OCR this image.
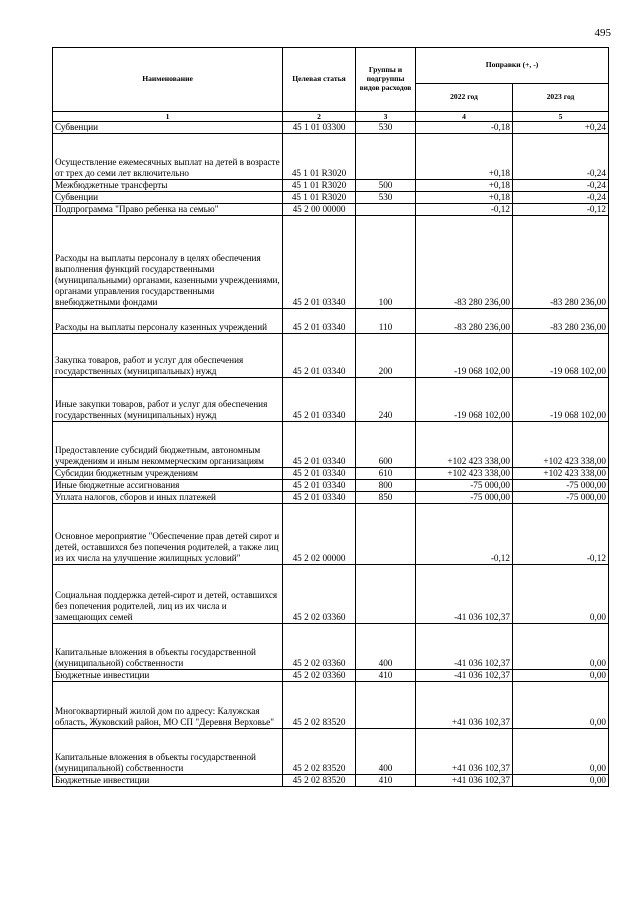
495
Наименование	Целевая статья	Группы и подгруппы видов расходов	Поправки (+, -)	
			2022 год	2023 год
1	2	3	4	5
Субвенции	45 1 01 03300	530	-0,18	+0,24
Осуществление ежемесячных выплат на детей в возрасте от трех до семи лет включительно	45 1 01 R3020		+0,18	-0,24
Межбюджетные трансферты	45 1 01 R3020	500	+0,18	-0,24
Субвенции	45 1 01 R3020	530	+0,18	-0,24
Подпрограмма "Право ребенка на семью"	45 2 00 00000		-0,12	-0,12
Расходы на выплаты персоналу в целях обеспечения выполнения функций государственными (муниципальными) органами, казенными учреждениями, органами управления государственными внебюджетными фондами	45 2 01 03340	100	-83 280 236,00	-83 280 236,00
Расходы на выплаты персоналу казенных учреждений	45 2 01 03340	110	-83 280 236,00	-83 280 236,00
Закупка товаров, работ и услуг для обеспечения государственных (муниципальных) нужд	45 2 01 03340	200	-19 068 102,00	-19 068 102,00
Иные закупки товаров, работ и услуг для обеспечения государственных (муниципальных) нужд	45 2 01 03340	240	-19 068 102,00	-19 068 102,00
Предоставление субсидий бюджетным, автономным учреждениям и иным некоммерческим организациям	45 2 01 03340	600	+102 423 338,00	+102 423 338,00
Субсидии бюджетным учреждениям	45 2 01 03340	610	+102 423 338,00	+102 423 338,00
Иные бюджетные ассигнования	45 2 01 03340	800	-75 000,00	-75 000,00
Уплата налогов, сборов и иных платежей	45 2 01 03340	850	-75 000,00	-75 000,00
Основное мероприятие "Обеспечение прав детей сирот и детей, оставшихся без попечения родителей, а также лиц из их числа на улучшение жилищных условий"	45 2 02 00000		-0,12	-0,12
Социальная поддержка детей-сирот и детей, оставшихся без попечения родителей, лиц из их числа и замещающих семей	45 2 02 03360		-41 036 102,37	0,00
Капитальные вложения в объекты государственной (муниципальной) собственности	45 2 02 03360	400	-41 036 102,37	0,00
Бюджетные инвестиции	45 2 02 03360	410	-41 036 102,37	0,00
Многоквартирный жилой дом по адресу: Калужская область, Жуковский район, МО СП "Деревня Верховье"	45 2 02 83520		+41 036 102,37	0,00
Капитальные вложения в объекты государственной (муниципальной) собственности	45 2 02 83520	400	+41 036 102,37	0,00
Бюджетные инвестиции	45 2 02 83520	410	+41 036 102,37	0,00
